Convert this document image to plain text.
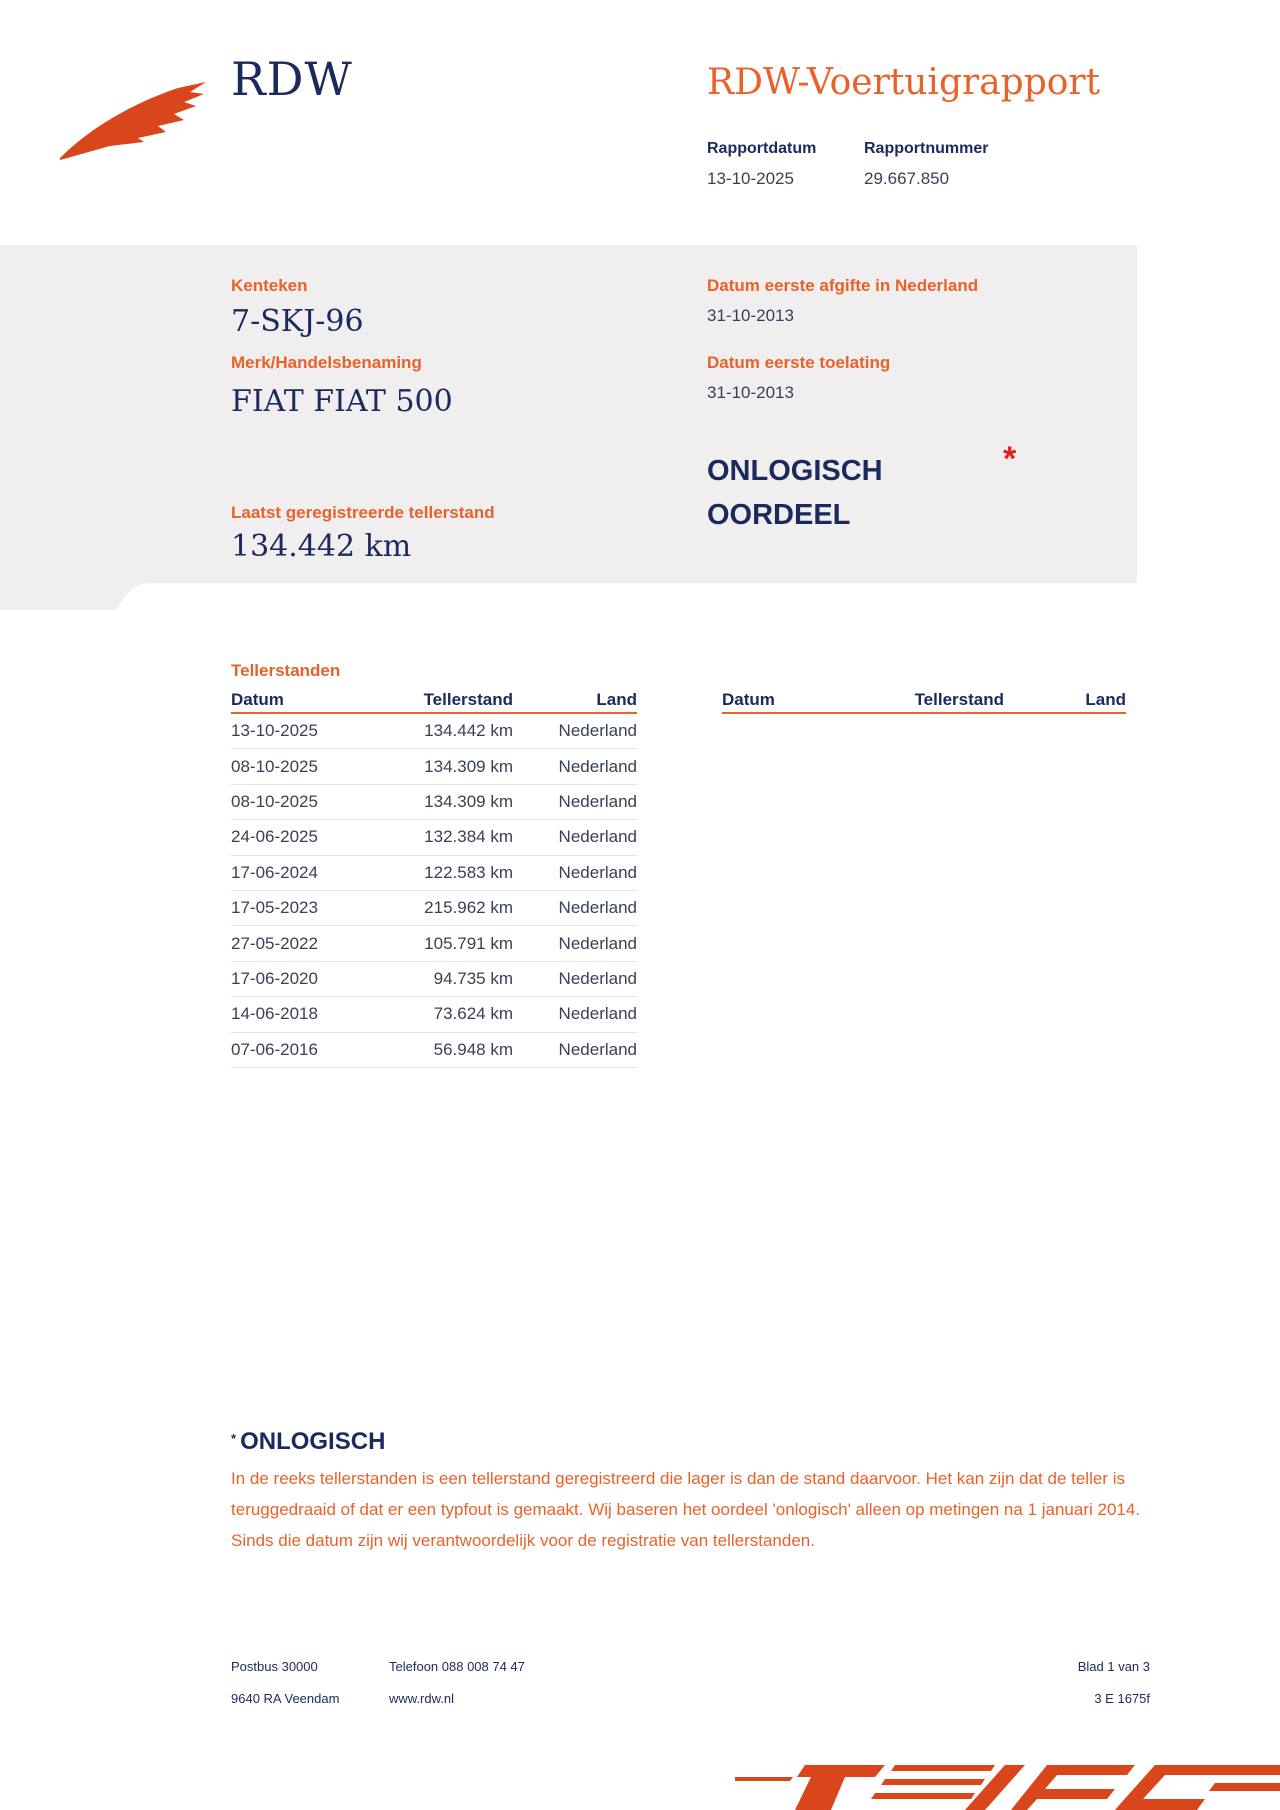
RDW	RDW-Voertuigrapport
Rapportdatum
13-10-2025
Rapportnummer
29.667.850
Kenteken
7-SKJ-96
Merk/Handelsbenaming
FIAT FIAT 500
Laatst geregistreerde tellerstand
134.442 km
Datum eerste afgifte in Nederland
31-10-2013
Datum eerste toelating
31-10-2013
ONLOGISCH
OORDEEL
*
Tellerstanden
Datum	Tellerstand	Land
13-10-2025	134.442 km	Nederland
08-10-2025	134.309 km	Nederland
08-10-2025	134.309 km	Nederland
24-06-2025	132.384 km	Nederland
17-06-2024	122.583 km	Nederland
17-05-2023	215.962 km	Nederland
27-05-2022	105.791 km	Nederland
17-06-2020	94.735 km	Nederland
14-06-2018	73.624 km	Nederland
07-06-2016	56.948 km	Nederland
Datum	Tellerstand	Land
* ONLOGISCH
In de reeks tellerstanden is een tellerstand geregistreerd die lager is dan de stand daarvoor. Het kan zijn dat de teller is teruggedraaid of dat er een typfout is gemaakt. Wij baseren het oordeel 'onlogisch' alleen op metingen na 1 januari 2014. Sinds die datum zijn wij verantwoordelijk voor de registratie van tellerstanden.
Postbus 30000
9640 RA Veendam
Telefoon 088 008 74 47
www.rdw.nl
Blad 1 van 3
3 E 1675f
